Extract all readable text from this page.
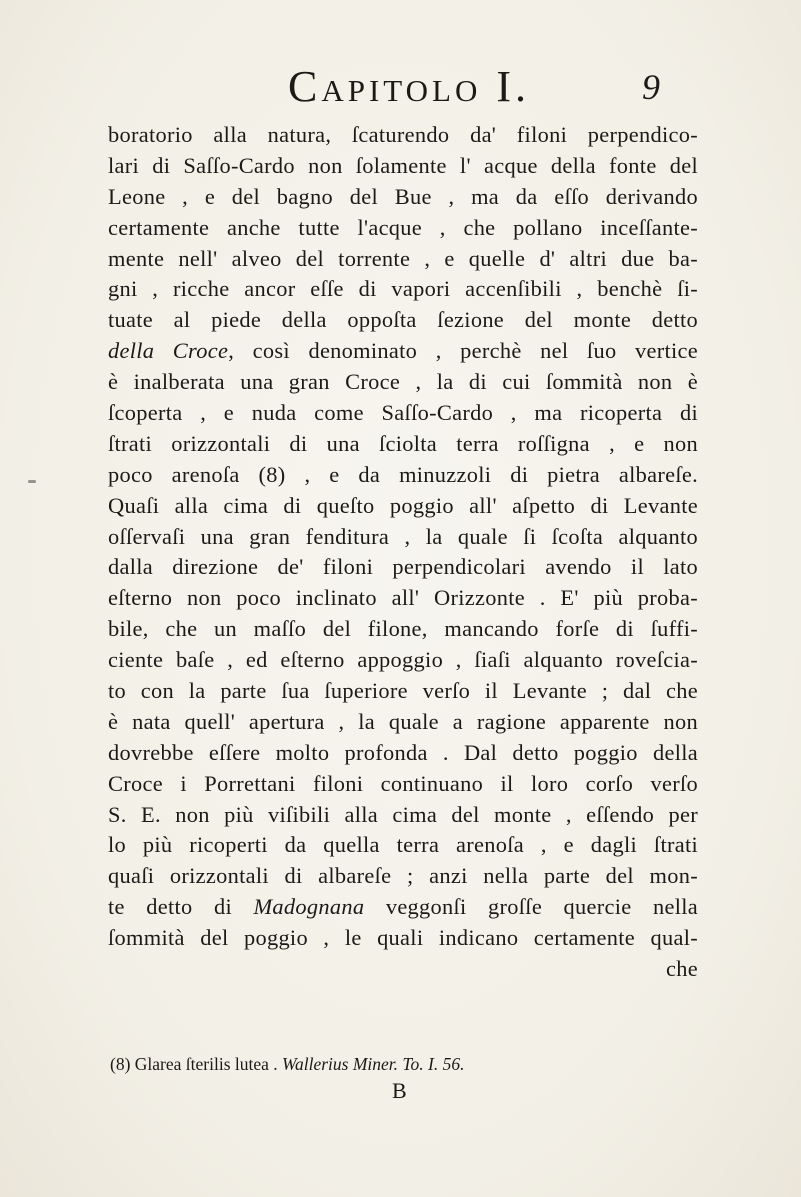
Capitolo I.	9
boratorio alla natura, ſcaturendo da' filoni perpendico-
lari di Saſſo-Cardo non ſolamente l' acque della fonte del
Leone , e del bagno del Bue , ma da eſſo derivando
certamente anche tutte l'acque , che pollano inceſſante-
mente nell' alveo del torrente , e quelle d' altri due ba-
gni , ricche ancor eſſe di vapori accenſibili , benchè ſi-
tuate al piede della oppoſta ſezione del monte detto
della Croce, così denominato , perchè nel ſuo vertice
è inalberata una gran Croce , la di cui ſommità non è
ſcoperta , e nuda come Saſſo-Cardo , ma ricoperta di
ſtrati orizzontali di una ſciolta terra roſſigna , e non
poco arenoſa (8) , e da minuzzoli di pietra albareſe.
Quaſi alla cima di queſto poggio all' aſpetto di Levante
oſſervaſi una gran fenditura , la quale ſi ſcoſta alquanto
dalla direzione de' filoni perpendicolari avendo il lato
eſterno non poco inclinato all' Orizzonte . E' più proba-
bile, che un maſſo del filone, mancando forſe di ſuffi-
ciente baſe , ed eſterno appoggio , ſiaſi alquanto roveſcia-
to con la parte ſua ſuperiore verſo il Levante ; dal che
è nata quell' apertura , la quale a ragione apparente non
dovrebbe eſſere molto profonda . Dal detto poggio della
Croce i Porrettani filoni continuano il loro corſo verſo
S. E. non più viſibili alla cima del monte , eſſendo per
lo più ricoperti da quella terra arenoſa , e dagli ſtrati
quaſi orizzontali di albareſe ; anzi nella parte del mon-
te detto di Madognana veggonſi groſſe quercie nella
ſommità del poggio , le quali indicano certamente qual-
che
(8) Glarea ſterilis lutea . Wallerius Miner. To. I. 56.
B
